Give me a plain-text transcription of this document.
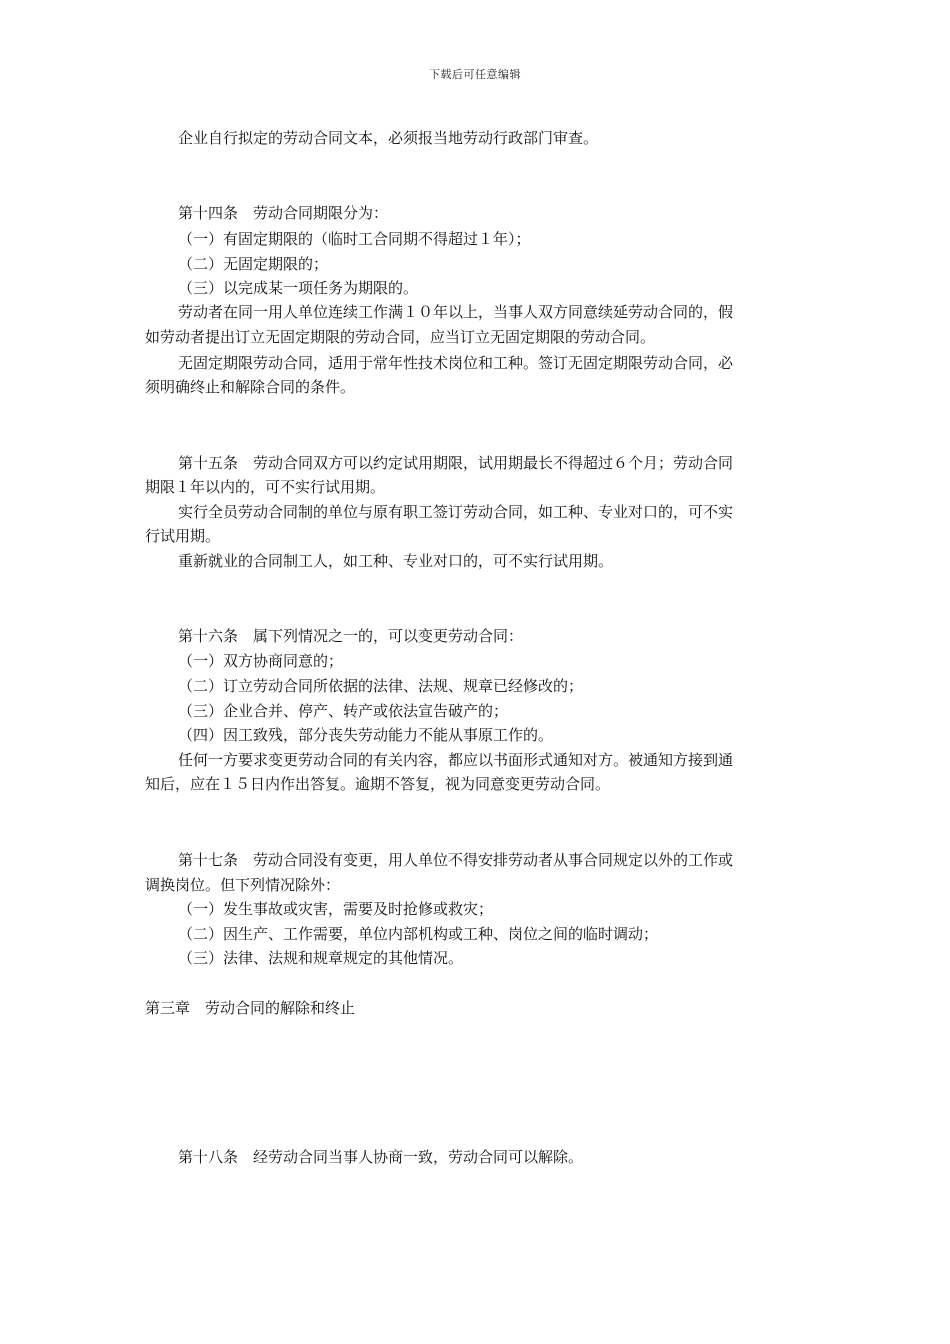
下载后可任意编辑
企业自行拟定的劳动合同文本，必须报当地劳动行政部门审查。
第十四条　劳动合同期限分为：
（一）有固定期限的（临时工合同期不得超过１年）；
（二）无固定期限的；
（三）以完成某一项任务为期限的。
劳动者在同一用人单位连续工作满１０年以上，当事人双方同意续延劳动合同的，假
如劳动者提出订立无固定期限的劳动合同，应当订立无固定期限的劳动合同。
无固定期限劳动合同，适用于常年性技术岗位和工种。签订无固定期限劳动合同，必
须明确终止和解除合同的条件。
第十五条　劳动合同双方可以约定试用期限，试用期最长不得超过６个月；劳动合同
期限１年以内的，可不实行试用期。
实行全员劳动合同制的单位与原有职工签订劳动合同，如工种、专业对口的，可不实
行试用期。
重新就业的合同制工人，如工种、专业对口的，可不实行试用期。
第十六条　属下列情况之一的，可以变更劳动合同：
（一）双方协商同意的；
（二）订立劳动合同所依据的法律、法规、规章已经修改的；
（三）企业合并、停产、转产或依法宣告破产的；
（四）因工致残，部分丧失劳动能力不能从事原工作的。
任何一方要求变更劳动合同的有关内容，都应以书面形式通知对方。被通知方接到通
知后，应在１５日内作出答复。逾期不答复，视为同意变更劳动合同。
第十七条　劳动合同没有变更，用人单位不得安排劳动者从事合同规定以外的工作或
调换岗位。但下列情况除外：
（一）发生事故或灾害，需要及时抢修或救灾；
（二）因生产、工作需要，单位内部机构或工种、岗位之间的临时调动；
（三）法律、法规和规章规定的其他情况。
第三章　劳动合同的解除和终止
第十八条　经劳动合同当事人协商一致，劳动合同可以解除。
